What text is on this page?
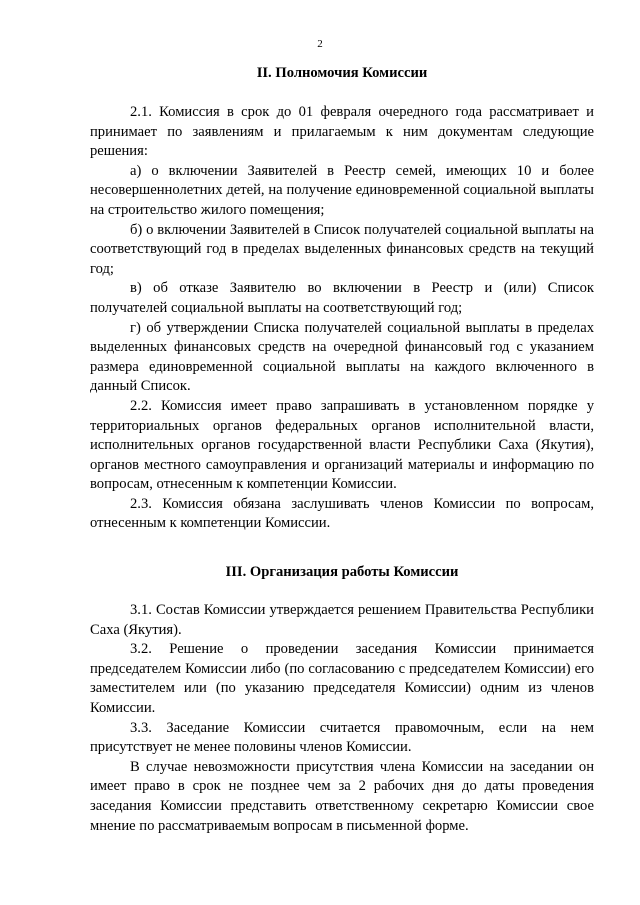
2
II. Полномочия Комиссии

2.1. Комиссия в срок до 01 февраля очередного года рассматривает и принимает по заявлениям и прилагаемым к ним документам следующие решения:

а) о включении Заявителей в Реестр семей, имеющих 10 и более несовершеннолетних детей, на получение единовременной социальной выплаты на строительство жилого помещения;

б) о включении Заявителей в Список получателей социальной выплаты на соответствующий год в пределах выделенных финансовых средств на текущий год;

в) об отказе Заявителю во включении в Реестр и (или) Список получателей социальной выплаты на соответствующий год;

г) об утверждении Списка получателей социальной выплаты в пределах выделенных финансовых средств на очередной финансовый год с указанием размера единовременной социальной выплаты на каждого включенного в данный Список.

2.2. Комиссия имеет право запрашивать в установленном порядке у территориальных органов федеральных органов исполнительной власти, исполнительных органов государственной власти Республики Саха (Якутия), органов местного самоуправления и организаций материалы и информацию по вопросам, отнесенным к компетенции Комиссии.

2.3. Комиссия обязана заслушивать членов Комиссии по вопросам, отнесенным к компетенции Комиссии.

III. Организация работы Комиссии

3.1. Состав Комиссии утверждается решением Правительства Республики Саха (Якутия).

3.2. Решение о проведении заседания Комиссии принимается председателем Комиссии либо (по согласованию с председателем Комиссии) его заместителем или (по указанию председателя Комиссии) одним из членов Комиссии.

3.3. Заседание Комиссии считается правомочным, если на нем присутствует не менее половины членов Комиссии.

В случае невозможности присутствия члена Комиссии на заседании он имеет право в срок не позднее чем за 2 рабочих дня до даты проведения заседания Комиссии представить ответственному секретарю Комиссии свое мнение по рассматриваемым вопросам в письменной форме.
